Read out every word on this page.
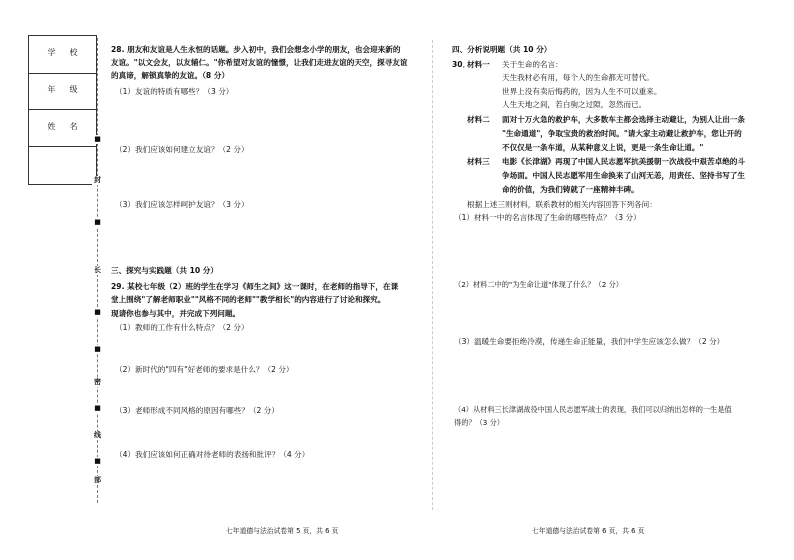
学校
年级
姓名
■
封
■
长
■
■
密
■
线
■
部
28. 朋友和友谊是人生永恒的话题。步入初中，我们会想念小学的朋友，也会迎来新的
友谊。"以文会友，以友辅仁。"你希望对友谊的憧憬，让我们走进友谊的天空，探寻友谊
的真谛，解锁真挚的友谊。（8 分）
（1）友谊的特质有哪些？（3 分）
（2）我们应该如何建立友谊？（2 分）
（3）我们应该怎样呵护友谊？（3 分）
三、探究与实践题（共 10 分）
29. 某校七年级（2）班的学生在学习《师生之间》这一课时，在老师的指导下，在课
堂上围绕"了解老师职业""风格不同的老师""教学相长"的内容进行了讨论和探究。
现请你也参与其中，并完成下列问题。
（1）教师的工作有什么特点？（2 分）
（2）新时代的"四有"好老师的要求是什么？（2 分）
（3）老师形成不同风格的原因有哪些？（2 分）
（4）我们应该如何正确对待老师的表扬和批评？（4 分）
七年道德与法治试卷第 5 页，共 6 页
四、分析说明题（共 10 分）
30．
材料一 关于生命的名言：
天生我材必有用，每个人的生命都无可替代。
世界上没有卖后悔药的，因为人生不可以重来。
人生天地之间，若白驹之过隙，忽然而已。
材料二 面对十万火急的救护车，大多数车主都会选择主动避让，为别人让出一条
"生命通道"，争取宝贵的救治时间。"请大家主动避让救护车，您让开的
不仅仅是一条车道，从某种意义上说，更是一条生命让道。"
材料三 电影《长津湖》再现了中国人民志愿军抗美援朝一次战役中艰苦卓绝的斗
争场面。中国人民志愿军用生命换来了山河无恙，用责任、坚持书写了生
命的价值，为我们铸就了一座精神丰碑。
根据上述三则材料，联系教材的相关内容回答下列各问：
（1）材料一中的名言体现了生命的哪些特点？（3 分）
（2）材料二中的"为生命让道"体现了什么？（2 分）
（3）温暖生命要拒绝冷漠，传递生命正能量，我们中学生应该怎么做？（2 分）
（4）从材料三长津湖战役中国人民志愿军战士的表现，我们可以归纳出怎样的一生是值
得的？（3 分）
七年道德与法治试卷第 6 页，共 6 页
